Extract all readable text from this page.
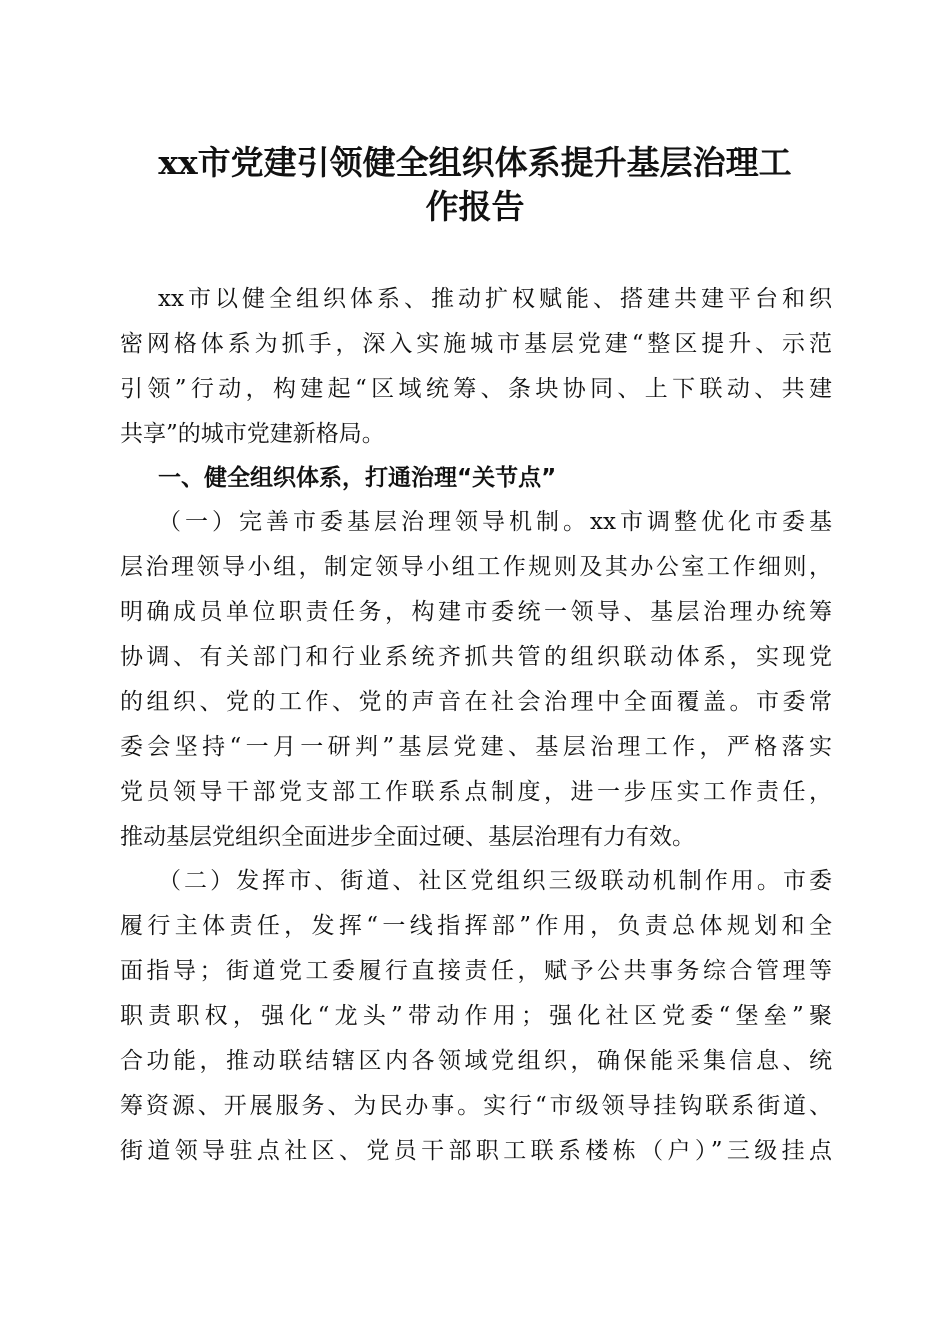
xx市党建引领健全组织体系提升基层治理工
作报告
xx市以健全组织体系、推动扩权赋能、搭建共建平台和织
密网格体系为抓手，深入实施城市基层党建“整区提升、示范
引领”行动，构建起“区域统筹、条块协同、上下联动、共建
共享”的城市党建新格局。
一、健全组织体系，打通治理“关节点”
（一）完善市委基层治理领导机制。xx市调整优化市委基
层治理领导小组，制定领导小组工作规则及其办公室工作细则，
明确成员单位职责任务，构建市委统一领导、基层治理办统筹
协调、有关部门和行业系统齐抓共管的组织联动体系，实现党
的组织、党的工作、党的声音在社会治理中全面覆盖。市委常
委会坚持“一月一研判”基层党建、基层治理工作，严格落实
党员领导干部党支部工作联系点制度，进一步压实工作责任，
推动基层党组织全面进步全面过硬、基层治理有力有效。
（二）发挥市、街道、社区党组织三级联动机制作用。市委
履行主体责任，发挥“一线指挥部”作用，负责总体规划和全
面指导；街道党工委履行直接责任，赋予公共事务综合管理等
职责职权，强化“龙头”带动作用；强化社区党委“堡垒”聚
合功能，推动联结辖区内各领域党组织，确保能采集信息、统
筹资源、开展服务、为民办事。实行“市级领导挂钩联系街道、
街道领导驻点社区、党员干部职工联系楼栋（户）”三级挂点
